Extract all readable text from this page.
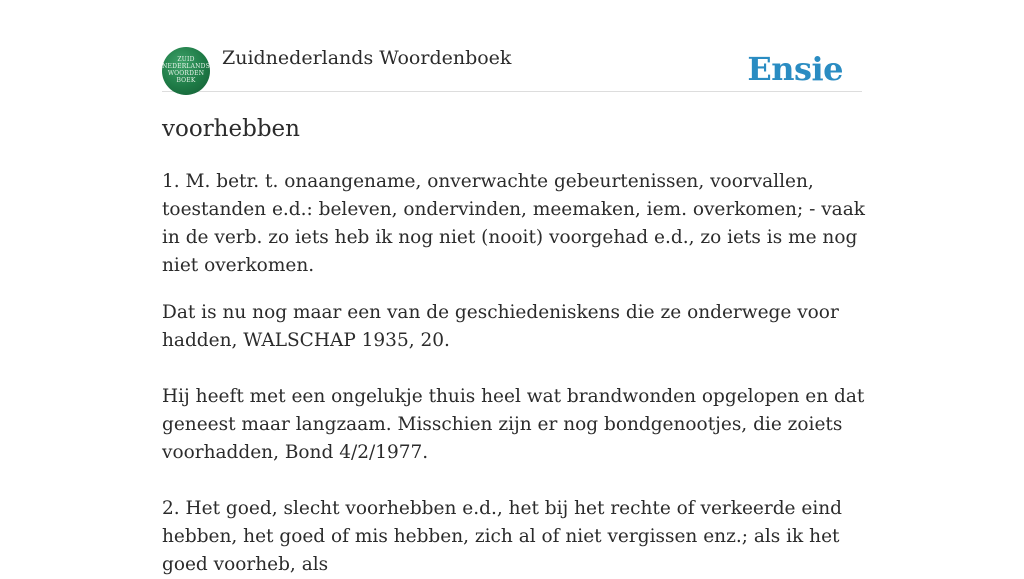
ZUID
NEDERLANDS
WOORDEN
BOEK
Zuidnederlands Woordenboek	Ensie
voorhebben

1. M. betr. t. onaangename, onverwachte gebeurtenissen, voorvallen, toestanden e.d.: beleven, ondervinden, meemaken, iem. overkomen; - vaak in de verb. zo iets heb ik nog niet (nooit) voorgehad e.d., zo iets is me nog niet overkomen.

Dat is nu nog maar een van de geschiedeniskens die ze onderwege voor hadden, WALSCHAP 1935, 20.

Hij heeft met een ongelukje thuis heel wat brandwonden opgelopen en dat geneest maar langzaam. Misschien zijn er nog bondgenootjes, die zoiets voorhadden, Bond 4/2/1977.

2. Het goed, slecht voorhebben e.d., het bij het rechte of verkeerde eind hebben, het goed of mis hebben, zich al of niet vergissen enz.; als ik het goed voorheb, als
